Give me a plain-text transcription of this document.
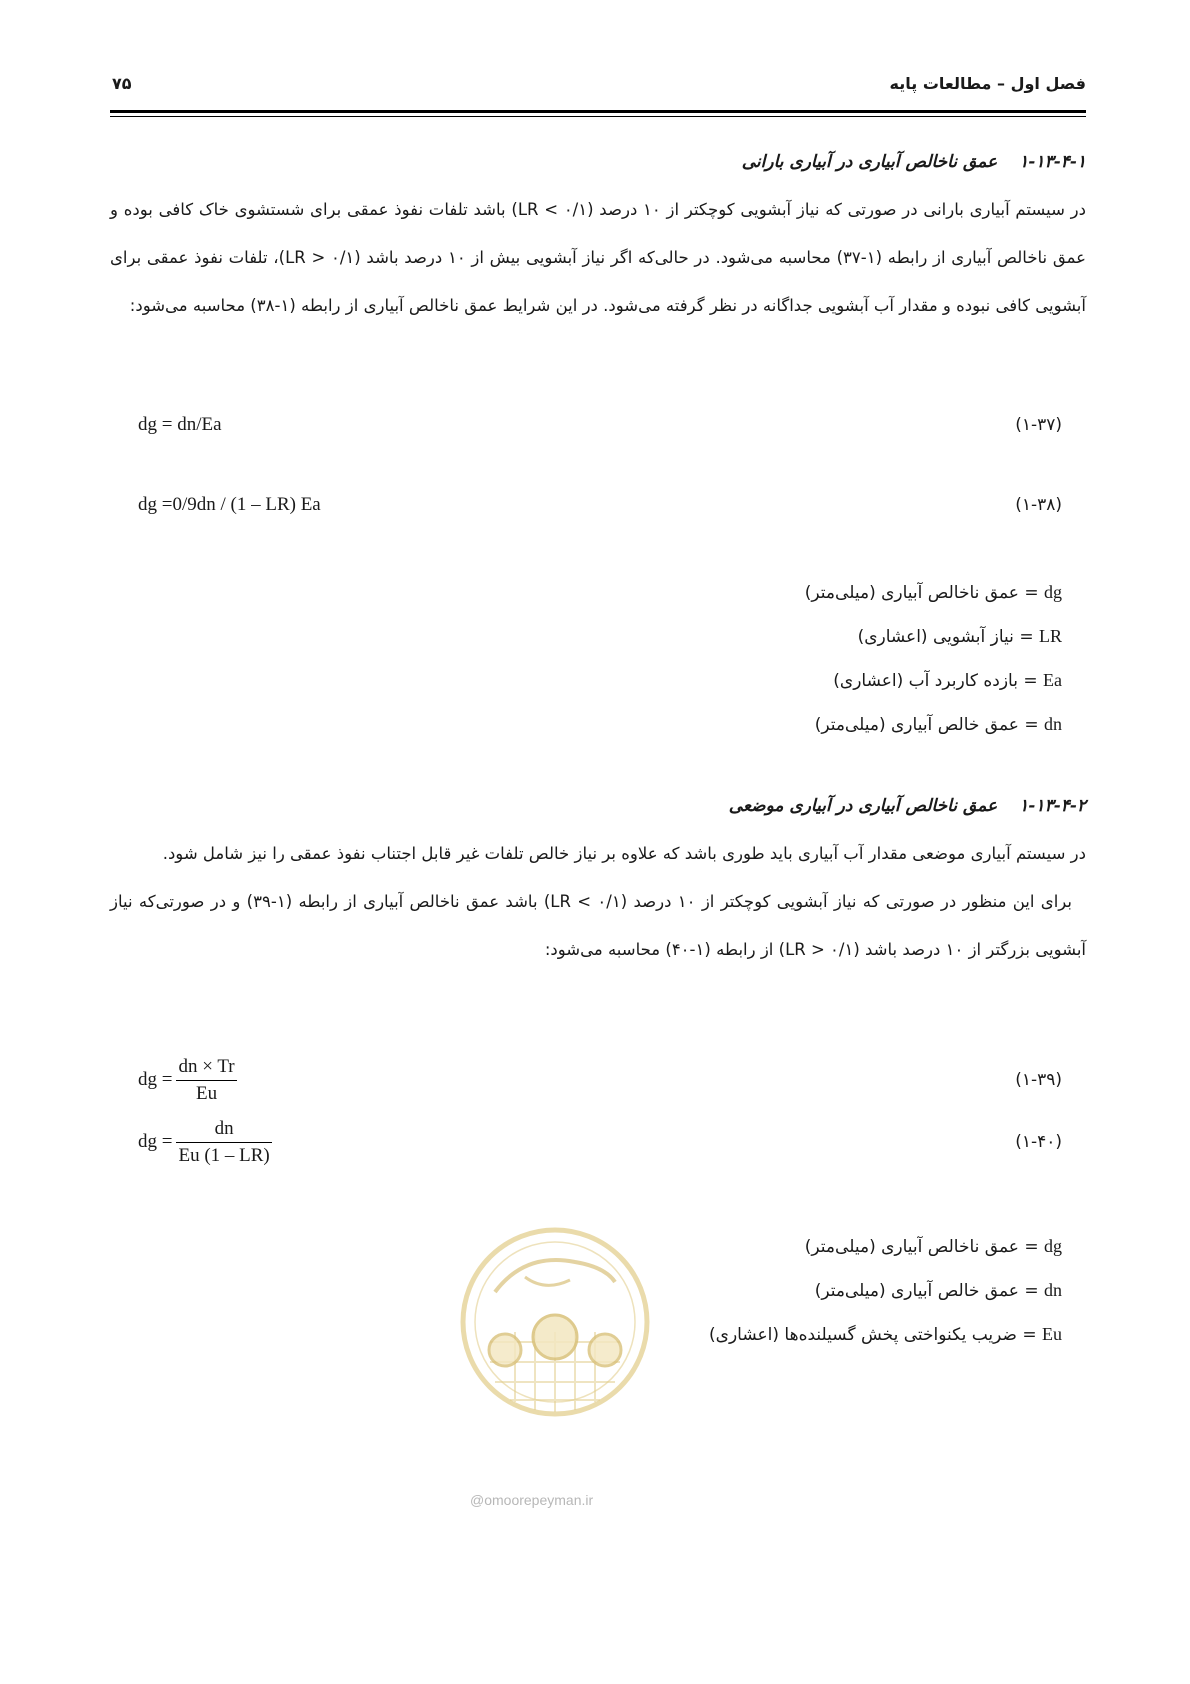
فصل اول – مطالعات پایه
۷۵
۱-۱۳-۴-۱عمق ناخالص آبیاری در آبیاری بارانی

در سیستم آبیاری بارانی در صورتی که نیاز آبشویی کوچکتر از ۱۰ درصد (LR < ۰/۱) باشد تلفات نفوذ عمقی برای شستشوی خاک کافی بوده و عمق ناخالص آبیاری از رابطه (۱-۳۷) محاسبه می‌شود. در حالی‌که اگر نیاز آبشویی بیش از ۱۰ درصد باشد (LR > ۰/۱)، تلفات نفوذ عمقی برای آبشویی کافی نبوده و مقدار آب آبشویی جداگانه در نظر گرفته می‌شود. در این شرایط عمق ناخالص آبیاری از رابطه (۱-۳۸) محاسبه می‌شود:

dg = dn/Ea	(۱-۳۷)
dg =0/9dn / (1 – LR) Ea	(۱-۳۸)
dg = عمق ناخالص آبیاری (میلی‌متر)
LR = نیاز آبشویی (اعشاری)
Ea = بازده کاربرد آب (اعشاری)
dn = عمق خالص آبیاری (میلی‌متر)
۱-۱۳-۴-۲عمق ناخالص آبیاری در آبیاری موضعی

در سیستم آبیاری موضعی مقدار آب آبیاری باید طوری باشد که علاوه بر نیاز خالص تلفات غیر قابل اجتناب نفوذ عمقی را نیز شامل شود.

برای این منظور در صورتی که نیاز آبشویی کوچکتر از ۱۰ درصد (LR < ۰/۱) باشد عمق ناخالص آبیاری از رابطه (۱-۳۹) و در صورتی‌که نیاز آبشویی بزرگتر از ۱۰ درصد باشد (LR > ۰/۱) از رابطه (۱-۴۰) محاسبه می‌شود:

dg = $\frac{dn \times Tr}{Eu}$	(۱-۳۹)
dg = $\frac{dn}{Eu (1 - LR)}$	(۱-۴۰)
@omoorepeyman.ir
dg = عمق ناخالص آبیاری (میلی‌متر)
dn = عمق خالص آبیاری (میلی‌متر)
Eu = ضریب یکنواختی پخش گسیلنده‌ها (اعشاری)
